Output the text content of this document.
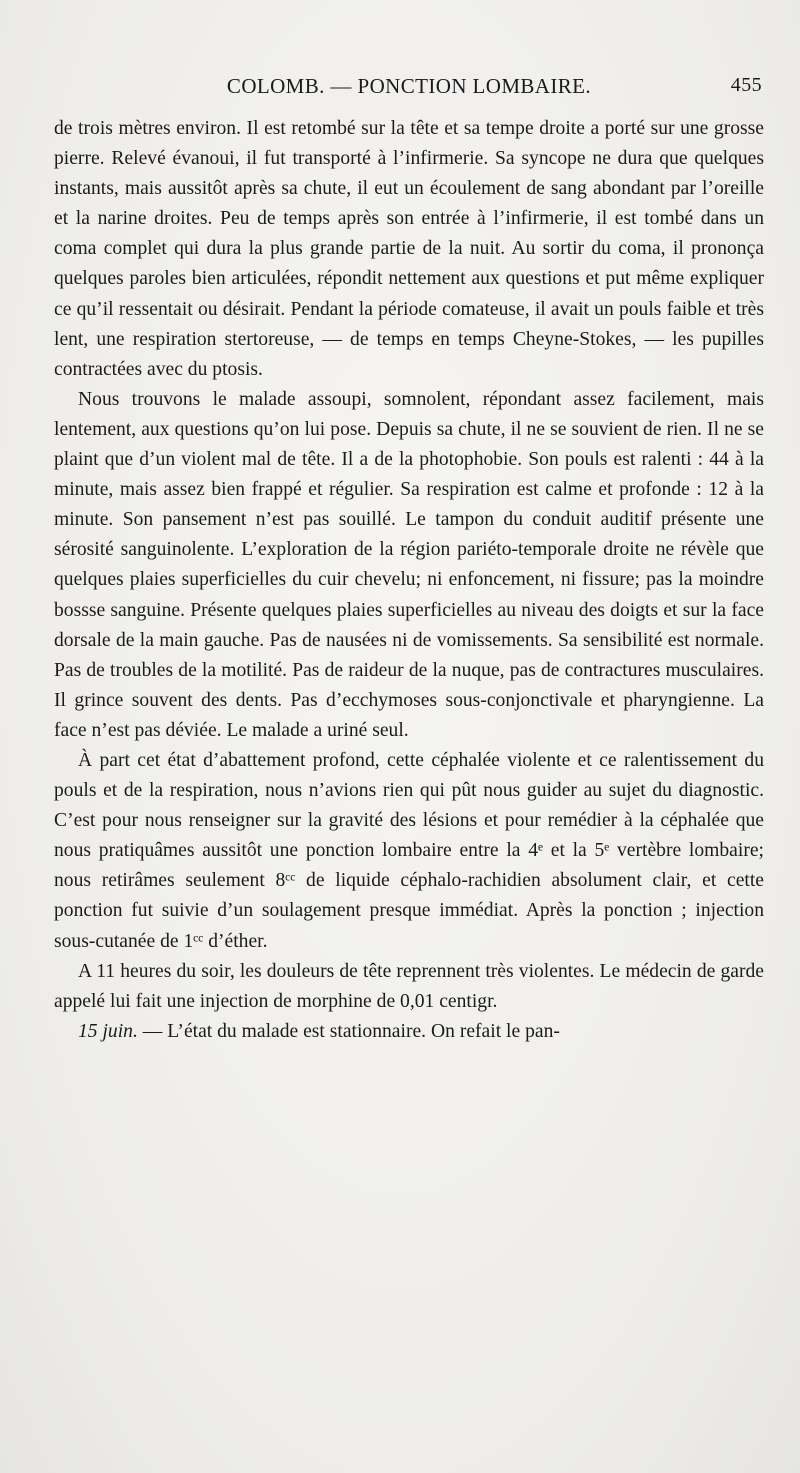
COLOMB. — PONCTION LOMBAIRE.	455

de trois mètres environ. Il est retombé sur la tête et sa tempe droite a porté sur une grosse pierre. Relevé évanoui, il fut transporté à l’infirmerie. Sa syncope ne dura que quelques instants, mais aussitôt après sa chute, il eut un écoulement de sang abondant par l’oreille et la narine droites. Peu de temps après son entrée à l’infirmerie, il est tombé dans un coma complet qui dura la plus grande partie de la nuit. Au sortir du coma, il prononça quelques paroles bien articulées, répondit nettement aux questions et put même expliquer ce qu’il ressentait ou désirait. Pendant la période comateuse, il avait un pouls faible et très lent, une respiration stertoreuse, — de temps en temps Cheyne-Stokes, — les pupilles contractées avec du ptosis.

Nous trouvons le malade assoupi, somnolent, répondant assez facilement, mais lentement, aux questions qu’on lui pose. Depuis sa chute, il ne se souvient de rien. Il ne se plaint que d’un violent mal de tête. Il a de la photophobie. Son pouls est ralenti : 44 à la minute, mais assez bien frappé et régulier. Sa respiration est calme et profonde : 12 à la minute. Son pansement n’est pas souillé. Le tampon du conduit auditif présente une sérosité sanguinolente. L’exploration de la région pariéto-temporale droite ne révèle que quelques plaies superficielles du cuir chevelu; ni enfoncement, ni fissure; pas la moindre bossse sanguine. Présente quelques plaies superficielles au niveau des doigts et sur la face dorsale de la main gauche. Pas de nausées ni de vomissements. Sa sensibilité est normale. Pas de troubles de la motilité. Pas de raideur de la nuque, pas de contractures musculaires. Il grince souvent des dents. Pas d’ecchymoses sous-conjonctivale et pharyngienne. La face n’est pas déviée. Le malade a uriné seul.

À part cet état d’abattement profond, cette céphalée violente et ce ralentissement du pouls et de la respiration, nous n’avions rien qui pût nous guider au sujet du diagnostic. C’est pour nous renseigner sur la gravité des lésions et pour remédier à la céphalée que nous pratiquâmes aussitôt une ponction lombaire entre la 4ᵉ et la 5ᵉ vertèbre lombaire; nous retirâmes seulement 8ᶜᶜ de liquide céphalo-rachidien absolument clair, et cette ponction fut suivie d’un soulagement presque immédiat. Après la ponction ; injection sous-cutanée de 1ᶜᶜ d’éther.

A 11 heures du soir, les douleurs de tête reprennent très violentes. Le médecin de garde appelé lui fait une injection de morphine de 0,01 centigr.

15 juin. — L’état du malade est stationnaire. On refait le pan-
